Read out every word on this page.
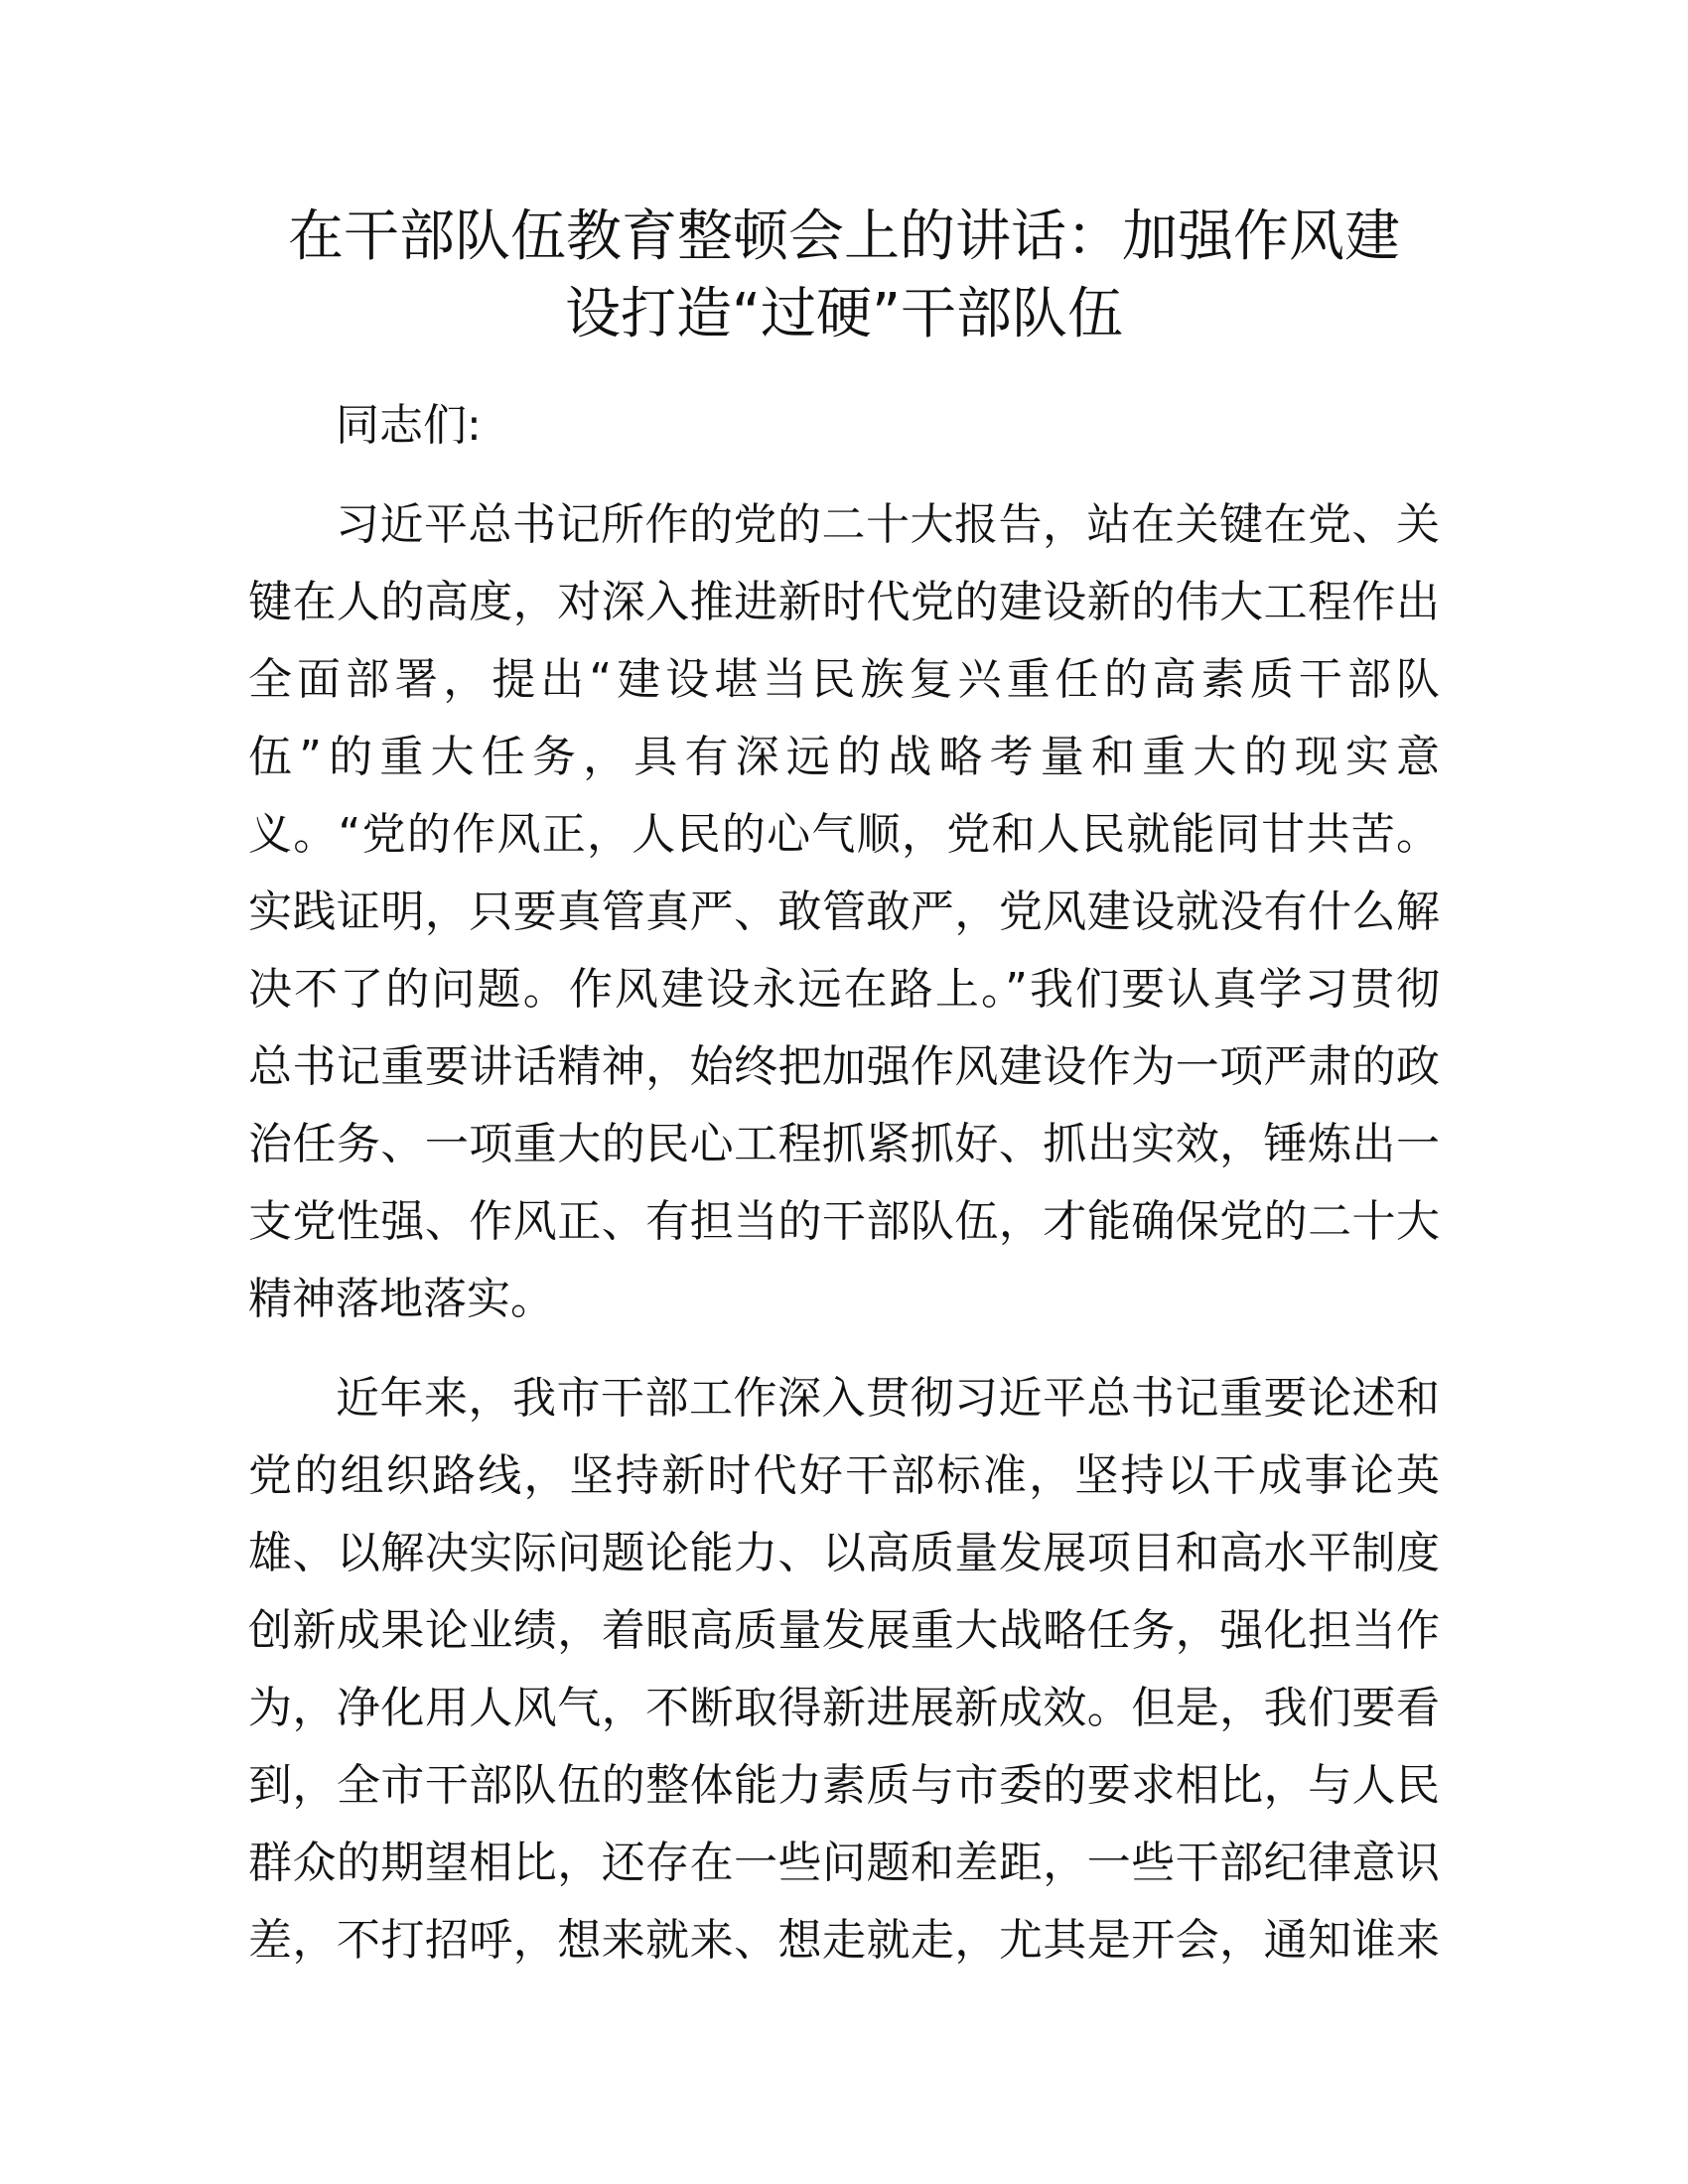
在干部队伍教育整顿会上的讲话：加强作风建
设打造“过硬”干部队伍

同志们:

习近平总书记所作的党的二十大报告，站在关键在党、关
键在人的高度，对深入推进新时代党的建设新的伟大工程作出
全面部署，提出“建设堪当民族复兴重任的高素质干部队
伍”的重大任务，具有深远的战略考量和重大的现实意
义。“党的作风正，人民的心气顺，党和人民就能同甘共苦。
实践证明，只要真管真严、敢管敢严，党风建设就没有什么解
决不了的问题。作风建设永远在路上。”我们要认真学习贯彻
总书记重要讲话精神，始终把加强作风建设作为一项严肃的政
治任务、一项重大的民心工程抓紧抓好、抓出实效，锤炼出一
支党性强、作风正、有担当的干部队伍，才能确保党的二十大
精神落地落实。

近年来，我市干部工作深入贯彻习近平总书记重要论述和
党的组织路线，坚持新时代好干部标准，坚持以干成事论英
雄、以解决实际问题论能力、以高质量发展项目和高水平制度
创新成果论业绩，着眼高质量发展重大战略任务，强化担当作
为，净化用人风气，不断取得新进展新成效。但是，我们要看
到，全市干部队伍的整体能力素质与市委的要求相比，与人民
群众的期望相比，还存在一些问题和差距，一些干部纪律意识
差，不打招呼，想来就来、想走就走，尤其是开会，通知谁来
